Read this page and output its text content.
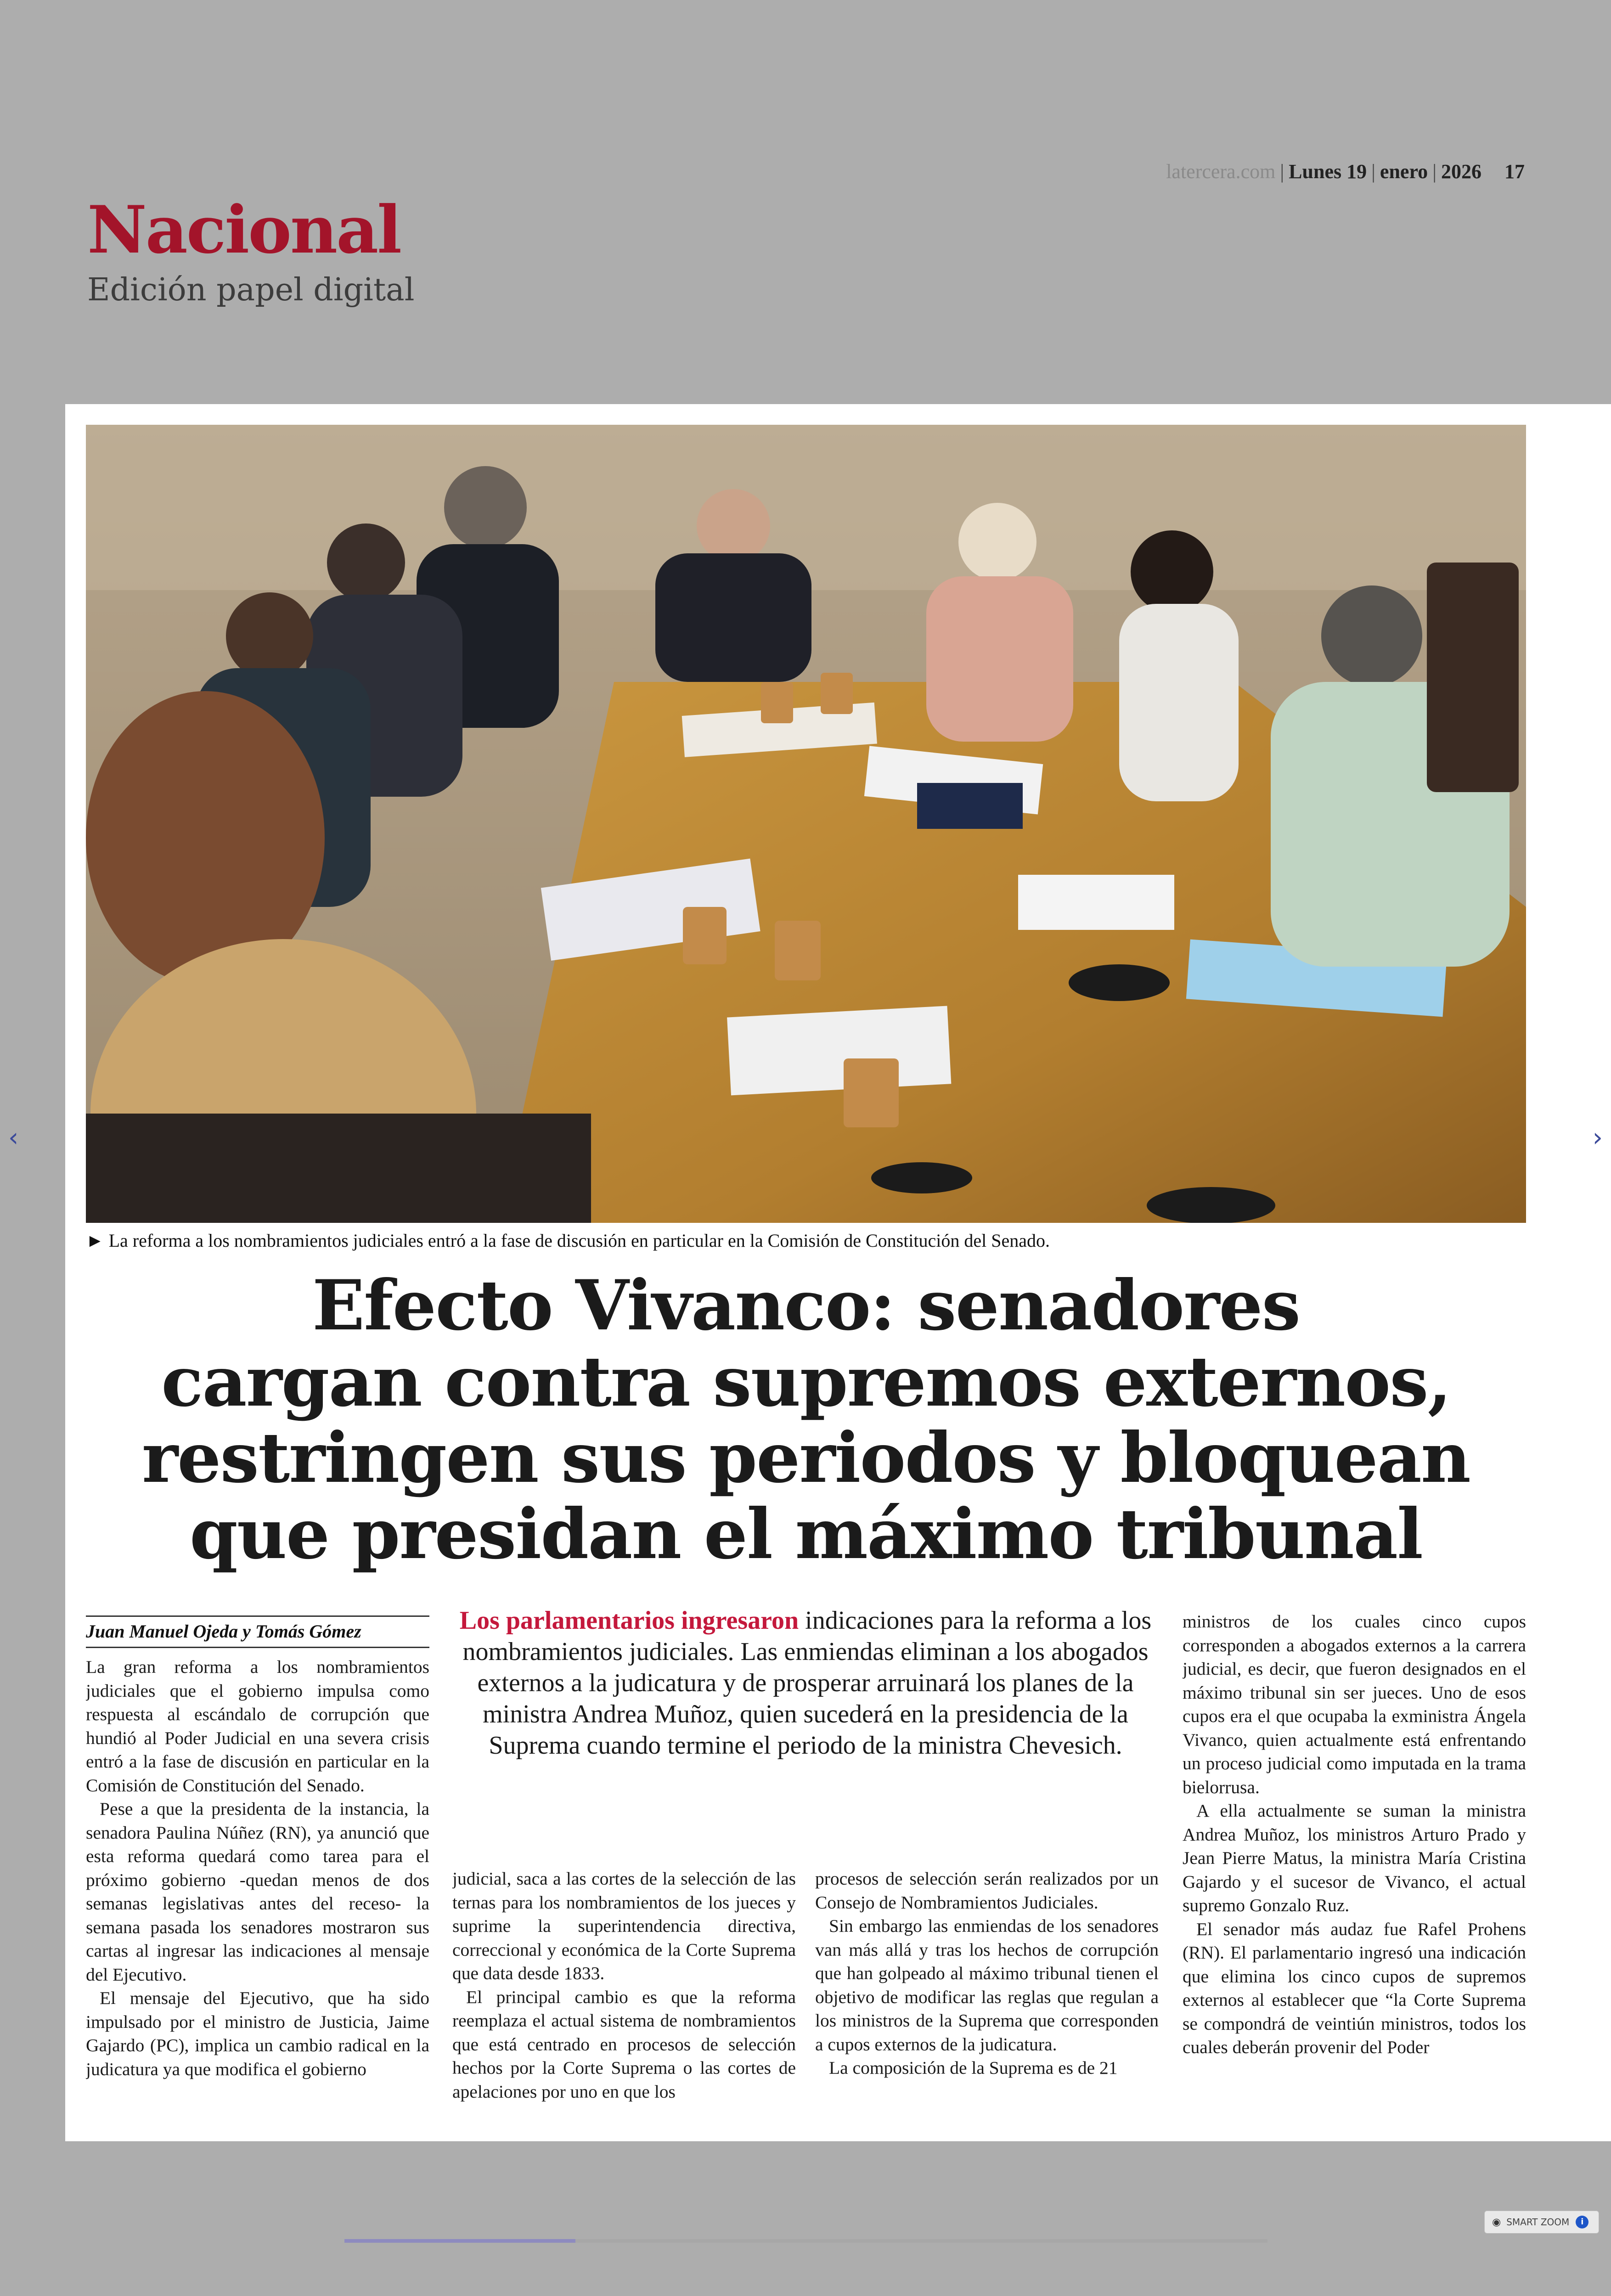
latercera.com | Lunes 19 | enero | 2026 17
Nacional
Edición papel digital
► La reforma a los nombramientos judiciales entró a la fase de discusión en particular en la Comisión de Constitución del Senado.
Efecto Vivanco: senadores
cargan contra supremos externos,
restringen sus periodos y bloquean
que presidan el máximo tribunal
Juan Manuel Ojeda y Tomás Gómez

La gran reforma a los nombramientos judiciales que el gobierno impulsa como respuesta al escándalo de corrupción que hundió al Poder Judicial en una severa crisis entró a la fase de discusión en particular en la Comisión de Constitución del Senado.

Pese a que la presidenta de la instancia, la senadora Paulina Núñez (RN), ya anunció que esta reforma quedará como tarea para el próximo gobierno -quedan menos de dos semanas legislativas antes del receso- la semana pasada los senadores mostraron sus cartas al ingresar las indicaciones al mensaje del Ejecutivo.

El mensaje del Ejecutivo, que ha sido impulsado por el ministro de Justicia, Jaime Gajardo (PC), implica un cambio radical en la judicatura ya que modifica el gobierno

Los parlamentarios ingresaron indicaciones para la reforma a los nombramientos judiciales. Las enmiendas eliminan a los abogados externos a la judicatura y de prosperar arruinará los planes de la ministra Andrea Muñoz, quien sucederá en la presidencia de la Suprema cuando termine el periodo de la ministra Chevesich.

judicial, saca a las cortes de la selección de las ternas para los nombramientos de los jueces y suprime la superintendencia directiva, correccional y económica de la Corte Suprema que data desde 1833.

El principal cambio es que la reforma reemplaza el actual sistema de nombramientos que está centrado en procesos de selección hechos por la Corte Suprema o las cortes de apelaciones por uno en que los

procesos de selección serán realizados por un Consejo de Nombramientos Judiciales.

Sin embargo las enmiendas de los senadores van más allá y tras los hechos de corrupción que han golpeado al máximo tribunal tienen el objetivo de modificar las reglas que regulan a los ministros de la Suprema que corresponden a cupos externos de la judicatura.

La composición de la Suprema es de 21

ministros de los cuales cinco cupos corresponden a abogados externos a la carrera judicial, es decir, que fueron designados en el máximo tribunal sin ser jueces. Uno de esos cupos era el que ocupaba la exministra Ángela Vivanco, quien actualmente está enfrentando un proceso judicial como imputada en la trama bielorrusa.

A ella actualmente se suman la ministra Andrea Muñoz, los ministros Arturo Prado y Jean Pierre Matus, la ministra María Cristina Gajardo y el sucesor de Vivanco, el actual supremo Gonzalo Ruz.

El senador más audaz fue Rafel Prohens (RN). El parlamentario ingresó una indicación que elimina los cinco cupos de supremos externos al establecer que “la Corte Suprema se compondrá de veintiún ministros, todos los cuales deberán provenir del Poder

‹	›
◉ SMART ZOOM	i
